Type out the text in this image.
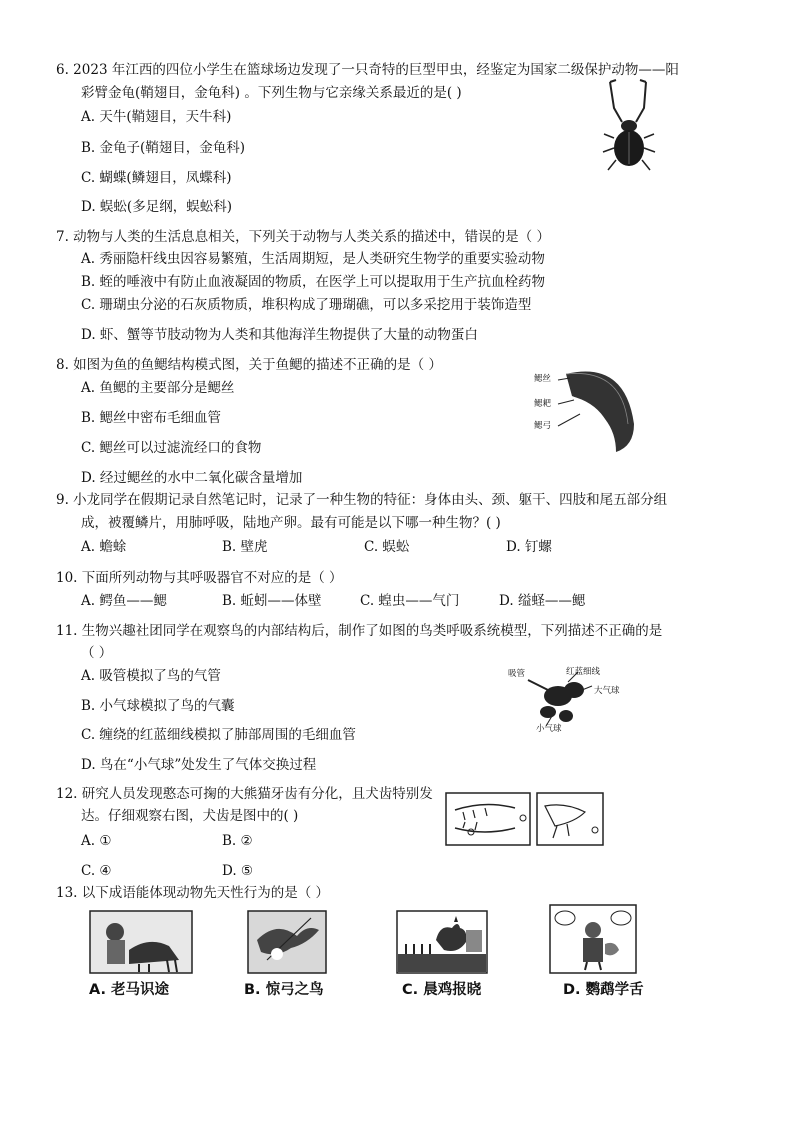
6. 2023 年江西的四位小学生在篮球场边发现了一只奇特的巨型甲虫，经鉴定为国家二级保护动物——阳
彩臂金龟(鞘翅目，金龟科) 。下列生物与它亲缘关系最近的是( )
A. 天牛(鞘翅目，天牛科)
B. 金龟子(鞘翅目，金龟科)
C. 蝴蝶(鳞翅目，凤蝶科)
D. 蜈蚣(多足纲，蜈蚣科)
7. 动物与人类的生活息息相关，下列关于动物与人类关系的描述中，错误的是（ ）
A. 秀丽隐杆线虫因容易繁殖，生活周期短，是人类研究生物学的重要实验动物
B. 蛭的唾液中有防止血液凝固的物质，在医学上可以提取用于生产抗血栓药物
C. 珊瑚虫分泌的石灰质物质，堆积构成了珊瑚礁，可以多采挖用于装饰造型
D. 虾、蟹等节肢动物为人类和其他海洋生物提供了大量的动物蛋白
8. 如图为鱼的鱼鳃结构模式图，关于鱼鳃的描述不正确的是（ ）
A. 鱼鳃的主要部分是鳃丝
B. 鳃丝中密布毛细血管
C. 鳃丝可以过滤流经口的食物
D. 经过鳃丝的水中二氧化碳含量增加
鳃丝
鳃耙
鳃弓
9. 小龙同学在假期记录自然笔记时，记录了一种生物的特征：身体由头、颈、躯干、四肢和尾五部分组
成，被覆鳞片，用肺呼吸，陆地产卵。最有可能是以下哪一种生物？( )
A. 蟾蜍	B. 壁虎	C. 蜈蚣	D. 钉螺
10. 下面所列动物与其呼吸器官不对应的是（ ）
A. 鳄鱼——鳃	B. 蚯蚓——体壁	C. 蝗虫——气门	D. 缢蛏——鳃
11. 生物兴趣社团同学在观察鸟的内部结构后，制作了如图的鸟类呼吸系统模型，下列描述不正确的是
（ ）
A. 吸管模拟了鸟的气管
B. 小气球模拟了鸟的气囊
C. 缠绕的红蓝细线模拟了肺部周围的毛细血管
D. 鸟在“小气球”处发生了气体交换过程
吸管	红蓝细线
大气球
小气球
12. 研究人员发现憨态可掬的大熊猫牙齿有分化，且犬齿特别发
达。仔细观察右图，犬齿是图中的( )
A. ①	B. ②
C. ④	D. ⑤
13. 以下成语能体现动物先天性行为的是（ ）
A. 老马识途	B. 惊弓之鸟	C. 晨鸡报晓	D. 鹦鹉学舌
